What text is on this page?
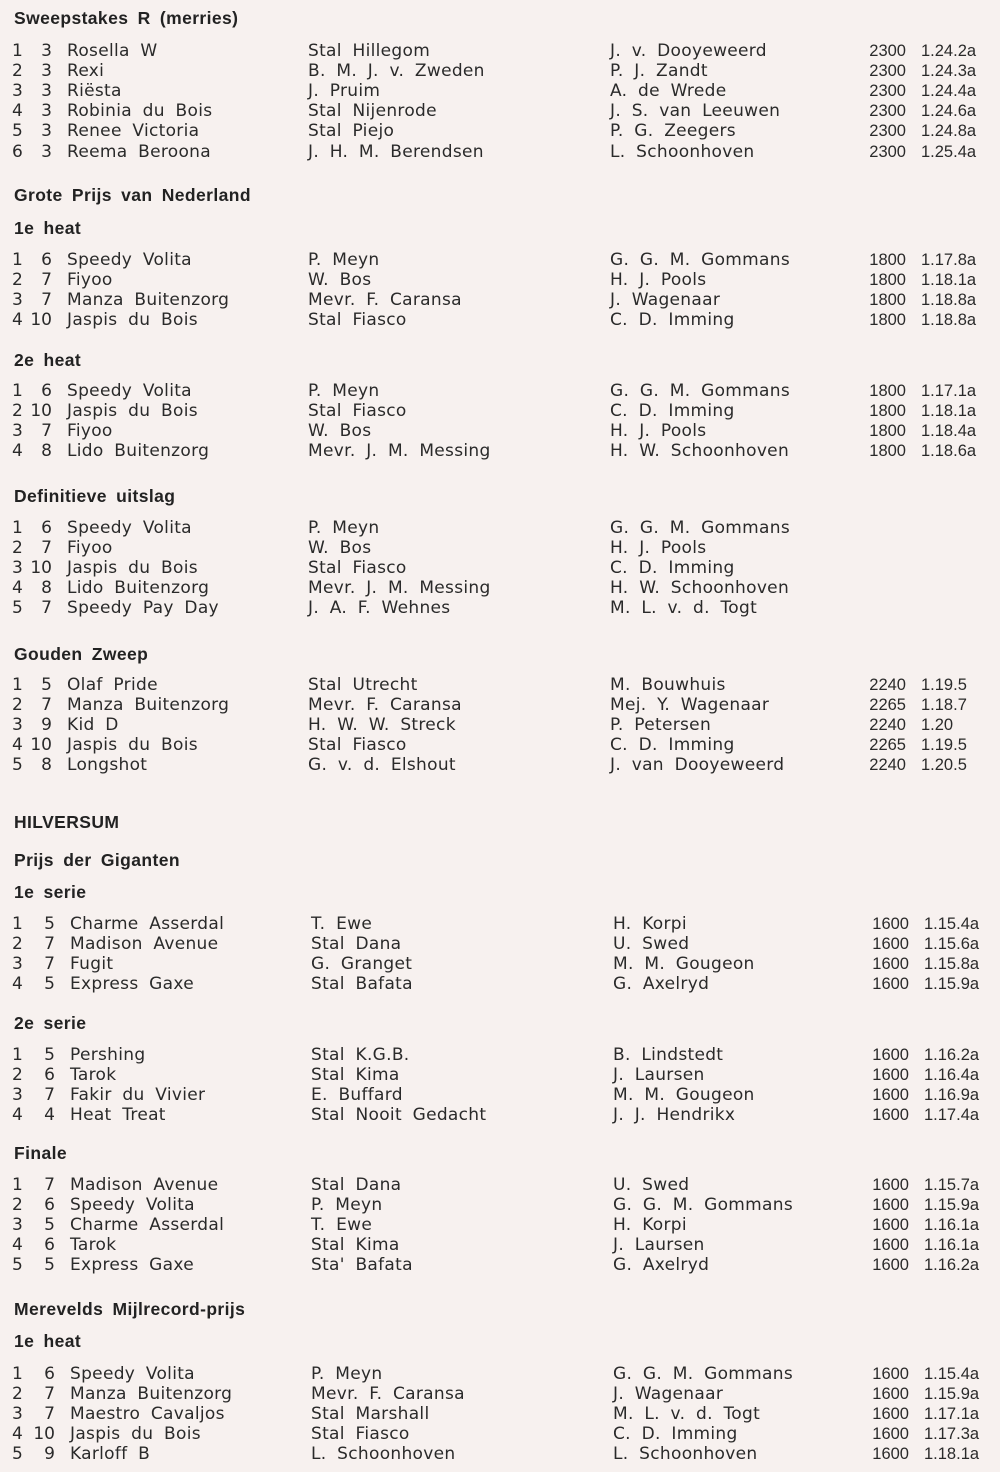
Sweepstakes R (merries)
1	3 Rosella W	Stal Hillegom	J. v. Dooyeweerd	2300 1.24.2a
2	3 Rexi	B. M. J. v. Zweden	P. J. Zandt	2300 1.24.3a
3	3 Riësta	J. Pruim	A. de Wrede	2300 1.24.4a
4	3 Robinia du Bois	Stal Nijenrode	J. S. van Leeuwen	2300 1.24.6a
5	3 Renee Victoria	Stal Piejo	P. G. Zeegers	2300 1.24.8a
6	3 Reema Beroona	J. H. M. Berendsen	L. Schoonhoven	2300 1.25.4a
Grote Prijs van Nederland
1e heat
1	6 Speedy Volita	P. Meyn	G. G. M. Gommans	1800 1.17.8a
2	7 Fiyoo	W. Bos	H. J. Pools	1800 1.18.1a
3	7 Manza Buitenzorg	Mevr. F. Caransa	J. Wagenaar	1800 1.18.8a
4 10 Jaspis du Bois	Stal Fiasco	C. D. Imming	1800 1.18.8a
2e heat
1	6 Speedy Volita	P. Meyn	G. G. M. Gommans	1800 1.17.1a
2 10 Jaspis du Bois	Stal Fiasco	C. D. Imming	1800 1.18.1a
3	7 Fiyoo	W. Bos	H. J. Pools	1800 1.18.4a
4	8 Lido Buitenzorg	Mevr. J. M. Messing	H. W. Schoonhoven	1800 1.18.6a
Definitieve uitslag
1	6 Speedy Volita	P. Meyn	G. G. M. Gommans
2	7 Fiyoo	W. Bos	H. J. Pools
3 10 Jaspis du Bois	Stal Fiasco	C. D. Imming
4	8 Lido Buitenzorg	Mevr. J. M. Messing	H. W. Schoonhoven
5	7 Speedy Pay Day	J. A. F. Wehnes	M. L. v. d. Togt
Gouden Zweep
1	5 Olaf Pride	Stal Utrecht	M. Bouwhuis	2240 1.19.5
2	7 Manza Buitenzorg	Mevr. F. Caransa	Mej. Y. Wagenaar	2265 1.18.7
3	9 Kid D	H. W. W. Streck	P. Petersen	2240 1.20
4 10 Jaspis du Bois	Stal Fiasco	C. D. Imming	2265 1.19.5
5	8 Longshot	G. v. d. Elshout	J. van Dooyeweerd	2240 1.20.5
HILVERSUM
Prijs der Giganten
1e serie
1	5 Charme Asserdal	T. Ewe	H. Korpi	1600 1.15.4a
2	7 Madison Avenue	Stal Dana	U. Swed	1600 1.15.6a
3	7 Fugit	G. Granget	M. M. Gougeon	1600 1.15.8a
4	5 Express Gaxe	Stal Bafata	G. Axelryd	1600 1.15.9a
2e serie
1	5 Pershing	Stal K.G.B.	B. Lindstedt	1600 1.16.2a
2	6 Tarok	Stal Kima	J. Laursen	1600 1.16.4a
3	7 Fakir du Vivier	E. Buffard	M. M. Gougeon	1600 1.16.9a
4	4 Heat Treat	Stal Nooit Gedacht	J. J. Hendrikx	1600 1.17.4a
Finale
1	7 Madison Avenue	Stal Dana	U. Swed	1600 1.15.7a
2	6 Speedy Volita	P. Meyn	G. G. M. Gommans	1600 1.15.9a
3	5 Charme Asserdal	T. Ewe	H. Korpi	1600 1.16.1a
4	6 Tarok	Stal Kima	J. Laursen	1600 1.16.1a
5	5 Express Gaxe	Sta' Bafata	G. Axelryd	1600 1.16.2a
Merevelds Mijlrecord-prijs
1e heat
1	6 Speedy Volita	P. Meyn	G. G. M. Gommans	1600 1.15.4a
2	7 Manza Buitenzorg	Mevr. F. Caransa	J. Wagenaar	1600 1.15.9a
3	7 Maestro Cavaljos	Stal Marshall	M. L. v. d. Togt	1600 1.17.1a
4 10 Jaspis du Bois	Stal Fiasco	C. D. Imming	1600 1.17.3a
5	9 Karloff B	L. Schoonhoven	L. Schoonhoven	1600 1.18.1a
